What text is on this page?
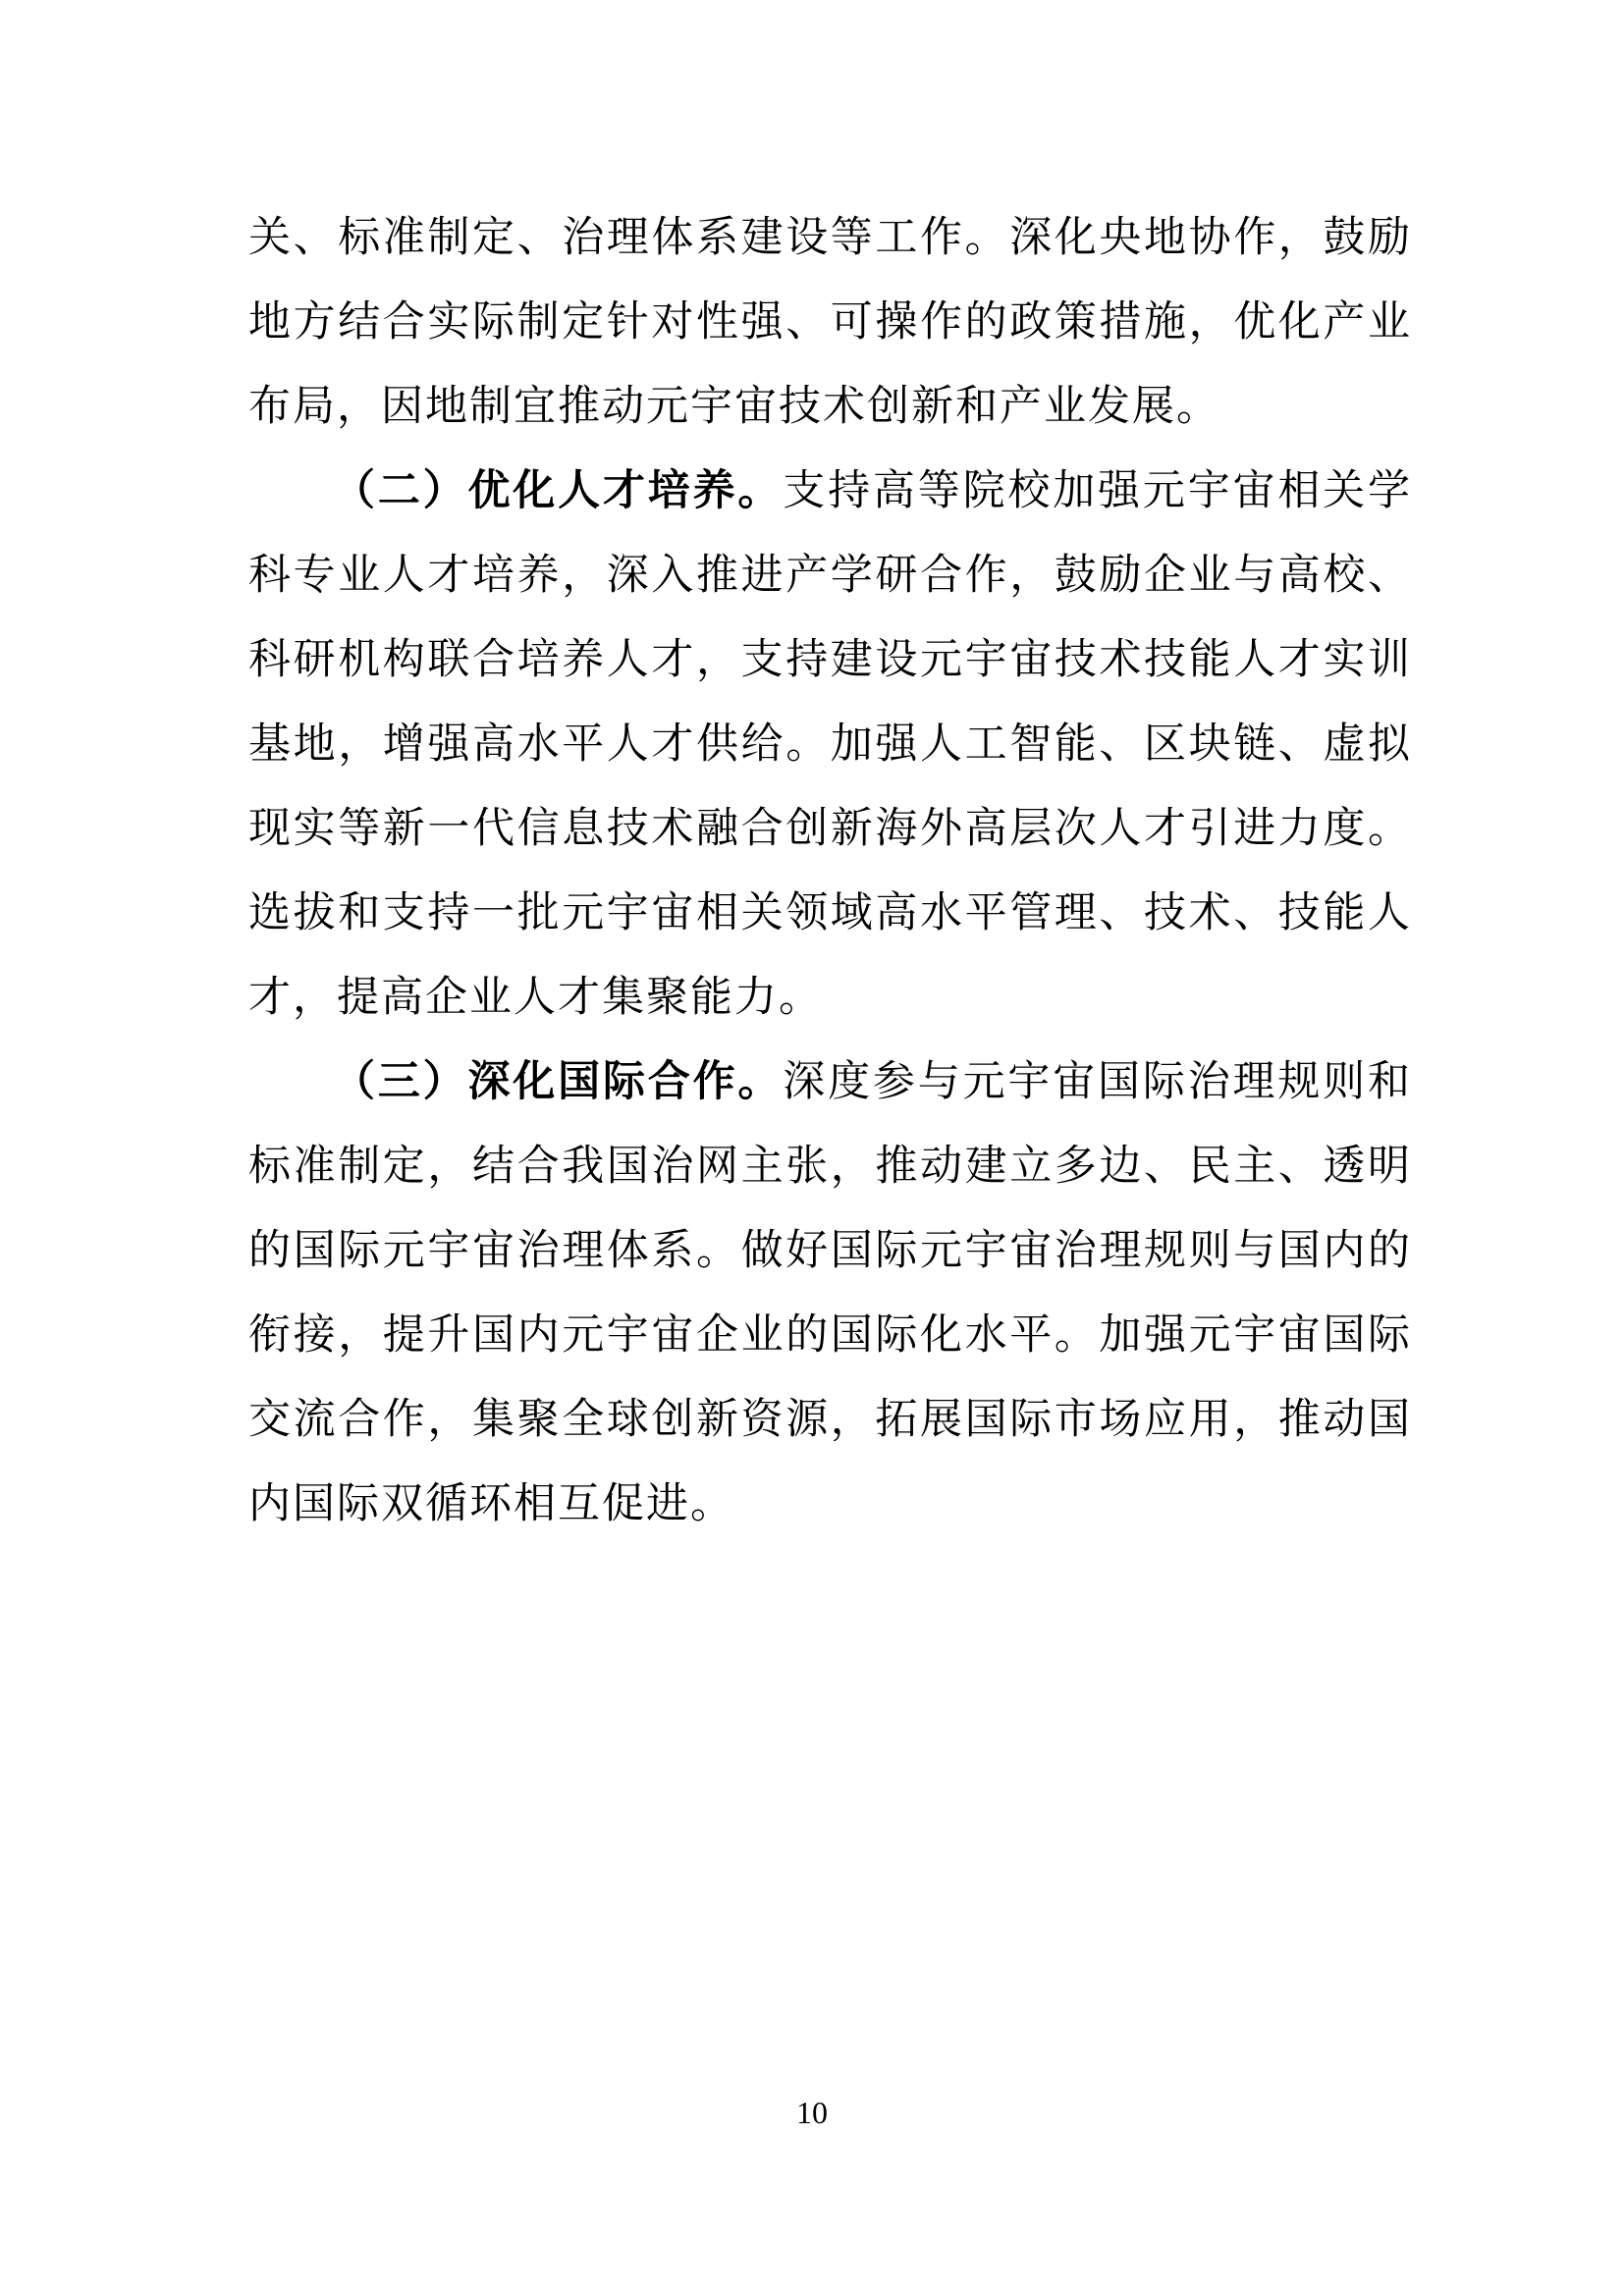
关、标准制定、治理体系建设等工作。深化央地协作，鼓励地方结合实际制定针对性强、可操作的政策措施，优化产业布局，因地制宜推动元宇宙技术创新和产业发展。

（二）优化人才培养。支持高等院校加强元宇宙相关学科专业人才培养，深入推进产学研合作，鼓励企业与高校、科研机构联合培养人才，支持建设元宇宙技术技能人才实训基地，增强高水平人才供给。加强人工智能、区块链、虚拟现实等新一代信息技术融合创新海外高层次人才引进力度。选拔和支持一批元宇宙相关领域高水平管理、技术、技能人才，提高企业人才集聚能力。

（三）深化国际合作。深度参与元宇宙国际治理规则和标准制定，结合我国治网主张，推动建立多边、民主、透明的国际元宇宙治理体系。做好国际元宇宙治理规则与国内的衔接，提升国内元宇宙企业的国际化水平。加强元宇宙国际交流合作，集聚全球创新资源，拓展国际市场应用，推动国内国际双循环相互促进。

10
